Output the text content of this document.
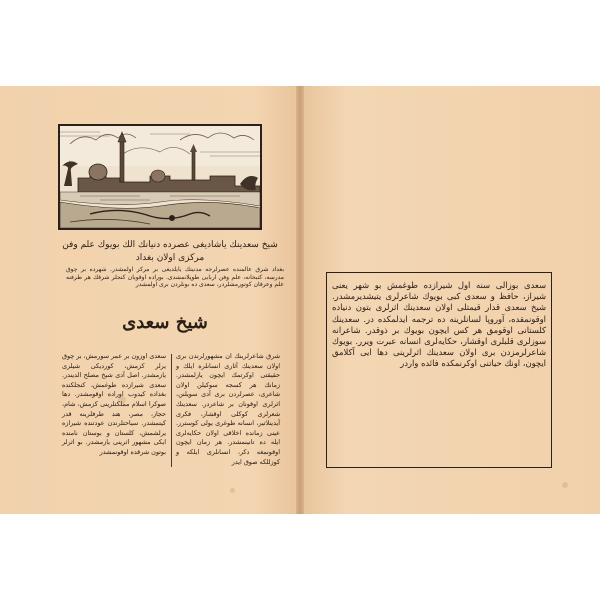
شیخ سعدینك یاشادیغی عصرده دنیانك الك بویوك علم وفن
مرکزی اولان بغداد
بغداد شرق عالمنده عصرلرجه مدنیتك یایلدیغی بر مرکز اولمشدر. شهرده بر چوق مدرسه، کتبخانه، علم وفن اربابی طوپلانمشدی. بوراده اوقویان کنجلر شرقك هر طرفنه علم وعرفان کوتورمشلردر، سعدی ده بونلردن بری اولمشدر
شیخ سعدی
شرق شاعرلرینك ان مشهورلرندن بری اولان سعدینك آثاری انسانلره ایلك و حقیقتی اوکرتمك ایچون یازلمشدر. زمانك هر کسجه سوکیلن اولان شاعری، عصرلردن بری آدی سویلنن، اثرلری اوقونان بر شاعردر. سعدینك شعرلری کوکلی اوقشار، فکری آیدینلاتیر، انسانه طوغری یولی کوسترر. عینی زمانده اخلاقی اولان حکایه‌لری ایله ده تانینمشدر. هر زمان ایچون اوقونمغه دکر، انسانلری ایلکه و کوزللکه صوق ایدر
سعدی اوزون بر عمر سورمش، بر چوق یرلر کزمش، کوردیکی شیلری یازمشدر. اصل آدی شیخ مصلح الدیندر. سعدی شیرازده طوغمش، کنجلکنده بغداده کیدوب اوراده اوقومشدر. دها صوکرا اسلام مملکتلرینی کزمش، شام، حجاز، مصر، هند طرفلرینه قدر کیتمشدر. سیاحتلرندن عودتنده شیرازه یرلشمش، کلستان و بوستان نامنده ایکی مشهور اثرینی یازمشدر. بو اثرلر بوتون شرقده اوقونمشدر
سعدی بوزالی سنه اول شیرازده طوغمش بو شهر یعنی شیراز، حافظ و سعدی کبی بویوك شاعرلری یتیشدیرمشدر. شیخ سعدی قدار قیمتلی اولان سعدینك اثرلری بتون دنیاده اوقونمقده، آوروپا لسانلرینه ده ترجمه ایدلمکده در. سعدینك کلستانی اوقومق هر کس ایچون بویوك بر ذوقدر. شاعرانه سوزلری قلبلری اوقشار، حکایه‌لری انسانه عبرت ویرر. بویوك شاعرلرمزدن بری اولان سعدینك اثرلرینی دها ایی آکلامق ایچون، اونك حیاتنی اوکرنمکده فائده واردر
